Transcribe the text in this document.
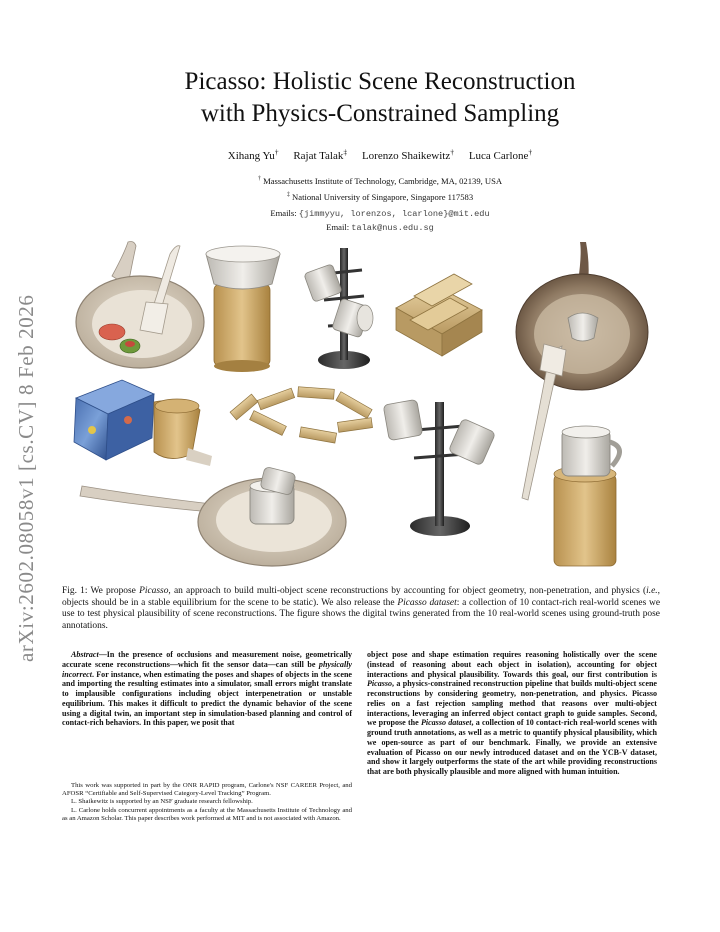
arXiv:2602.08058v1 [cs.CV] 8 Feb 2026
Picasso: Holistic Scene Reconstruction
with Physics-Constrained Sampling
Xihang Yu† Rajat Talak‡ Lorenzo Shaikewitz† Luca Carlone†
† Massachusetts Institute of Technology, Cambridge, MA, 02139, USA
‡ National University of Singapore, Singapore 117583
Emails: {jimmyyu, lorenzos, lcarlone}@mit.edu
Email: talak@nus.edu.sg
Fig. 1: We propose Picasso, an approach to build multi-object scene reconstructions by accounting for object geometry, non-penetration, and physics (i.e., objects should be in a stable equilibrium for the scene to be static). We also release the Picasso dataset: a collection of 10 contact-rich real-world scenes we use to test physical plausibility of scene reconstructions. The figure shows the digital twins generated from the 10 real-world scenes using ground-truth pose annotations.
Abstract—In the presence of occlusions and measurement noise, geometrically accurate scene reconstructions—which fit the sensor data—can still be physically incorrect. For instance, when estimating the poses and shapes of objects in the scene and importing the resulting estimates into a simulator, small errors might translate to implausible configurations including object interpenetration or unstable equilibrium. This makes it difficult to predict the dynamic behavior of the scene using a digital twin, an important step in simulation-based planning and control of contact-rich behaviors. In this paper, we posit that
object pose and shape estimation requires reasoning holistically over the scene (instead of reasoning about each object in isolation), accounting for object interactions and physical plausibility. Towards this goal, our first contribution is Picasso, a physics-constrained reconstruction pipeline that builds multi-object scene reconstructions by considering geometry, non-penetration, and physics. Picasso relies on a fast rejection sampling method that reasons over multi-object interactions, leveraging an inferred object contact graph to guide samples. Second, we propose the Picasso dataset, a collection of 10 contact-rich real-world scenes with ground truth annotations, as well as a metric to quantify physical plausibility, which we open-source as part of our benchmark. Finally, we provide an extensive evaluation of Picasso on our newly introduced dataset and on the YCB-V dataset, and show it largely outperforms the state of the art while providing reconstructions that are both physically plausible and more aligned with human intuition.

This work was supported in part by the ONR RAPID program, Carlone's NSF CAREER Project, and AFOSR “Certifiable and Self-Supervised Category-Level Tracking” Program.

L. Shaikewitz is supported by an NSF graduate research fellowship.

L. Carlone holds concurrent appointments as a faculty at the Massachusetts Institute of Technology and as an Amazon Scholar. This paper describes work performed at MIT and is not associated with Amazon.
